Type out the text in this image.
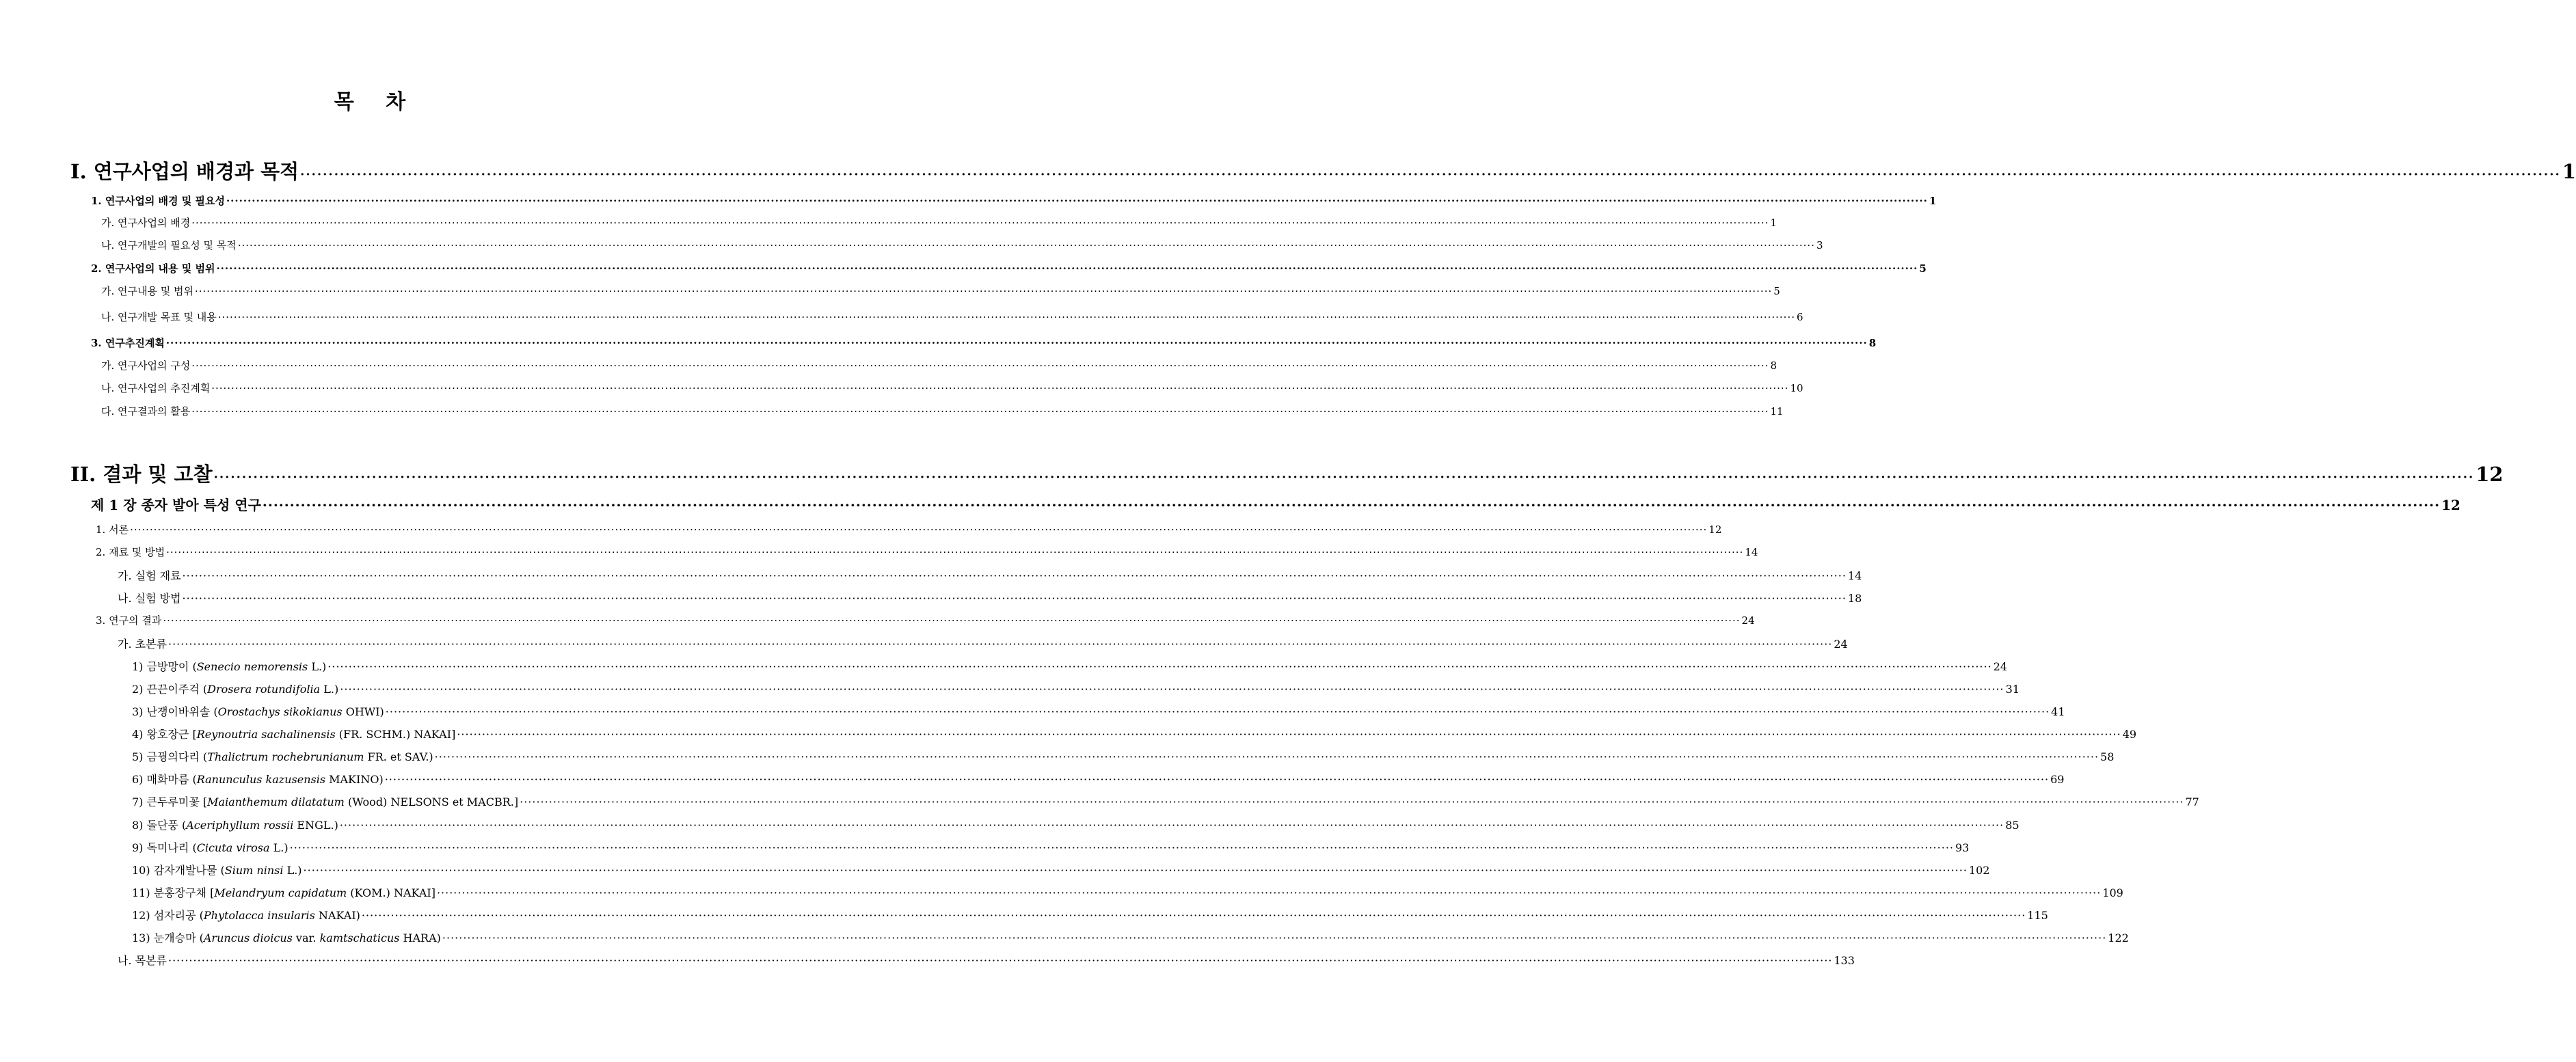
목 차
I. 연구사업의 배경과 목적 ················································································································································································································································································································································································································ 1
1. 연구사업의 배경 및 필요성 ················································································································································································································································································································································································································ 1
가. 연구사업의 배경 ················································································································································································································································································································································································································ 1
나. 연구개발의 필요성 및 목적 ················································································································································································································································································································································································································ 3
2. 연구사업의 내용 및 범위 ················································································································································································································································································································································································································ 5
가. 연구내용 및 범위 ················································································································································································································································································································································································································ 5
나. 연구개발 목표 및 내용 ················································································································································································································································································································································································································ 6
3. 연구추진계획 ················································································································································································································································································································································································································ 8
가. 연구사업의 구성 ················································································································································································································································································································································································································ 8
나. 연구사업의 추진계획 ················································································································································································································································································································································································································ 10
다. 연구결과의 활용 ················································································································································································································································································································································································································ 11
II. 결과 및 고찰 ················································································································································································································································································································································································································ 12
제 1 장 종자 발아 특성 연구 ················································································································································································································································································································································································································ 12
1. 서론 ················································································································································································································································································································································································································ 12
2. 재료 및 방법 ················································································································································································································································································································································································································ 14
가. 실험 재료 ················································································································································································································································································································································································································ 14
나. 실험 방법 ················································································································································································································································································································································································································ 18
3. 연구의 결과 ················································································································································································································································································································································································································ 24
가. 초본류 ················································································································································································································································································································································································································ 24
1) 금방망이 (Senecio nemorensis L.) ················································································································································································································································································································································································································ 24
2) 끈끈이주걱 (Drosera rotundifolia L.) ················································································································································································································································································································································································································ 31
3) 난쟁이바위솔 (Orostachys sikokianus OHWI) ················································································································································································································································································································································································································ 41
4) 왕호장근 [Reynoutria sachalinensis (FR. SCHM.) NAKAI] ················································································································································································································································································································································································································ 49
5) 금꿩의다리 (Thalictrum rochebrunianum FR. et SAV.) ················································································································································································································································································································································································································ 58
6) 매화마름 (Ranunculus kazusensis MAKINO) ················································································································································································································································································································································································································ 69
7) 큰두루미꽃 [Maianthemum dilatatum (Wood) NELSONS et MACBR.] ················································································································································································································································································································································································································ 77
8) 돌단풍 (Aceriphyllum rossii ENGL.) ················································································································································································································································································································································································································ 85
9) 독미나리 (Cicuta virosa L.) ················································································································································································································································································································································································································ 93
10) 감자개발나물 (Sium ninsi L.) ················································································································································································································································································································································································································ 102
11) 분홍장구채 [Melandryum capidatum (KOM.) NAKAI] ················································································································································································································································································································································································································ 109
12) 섬자리공 (Phytolacca insularis NAKAI) ················································································································································································································································································································································································································ 115
13) 눈개승마 (Aruncus dioicus var. kamtschaticus HARA) ················································································································································································································································································································································································································ 122
나. 목본류 ················································································································································································································································································································································································································ 133
